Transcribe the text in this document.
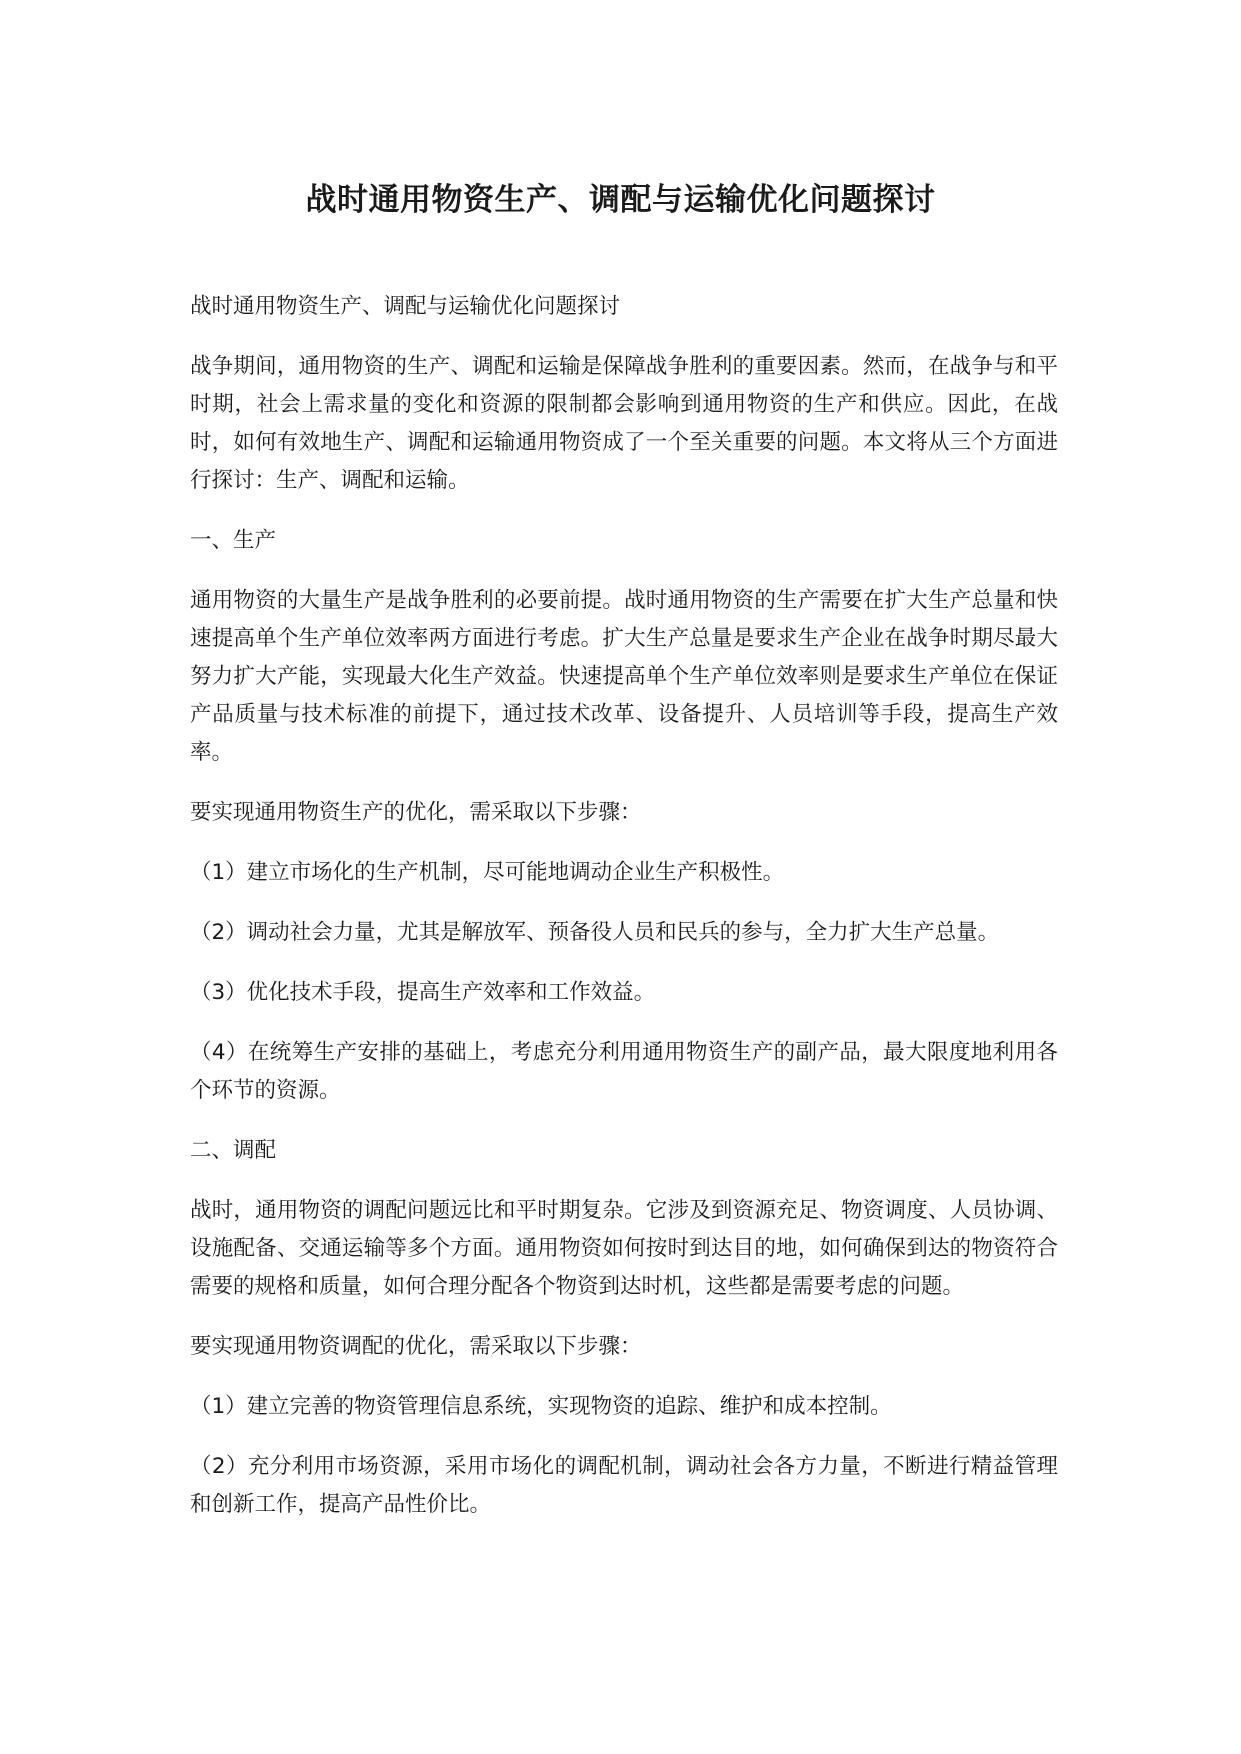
战时通用物资生产、调配与运输优化问题探讨

战时通用物资生产、调配与运输优化问题探讨

战争期间，通用物资的生产、调配和运输是保障战争胜利的重要因素。然而，在战争与和平时期，社会上需求量的变化和资源的限制都会影响到通用物资的生产和供应。因此，在战时，如何有效地生产、调配和运输通用物资成了一个至关重要的问题。本文将从三个方面进行探讨：生产、调配和运输。

一、生产

通用物资的大量生产是战争胜利的必要前提。战时通用物资的生产需要在扩大生产总量和快速提高单个生产单位效率两方面进行考虑。扩大生产总量是要求生产企业在战争时期尽最大努力扩大产能，实现最大化生产效益。快速提高单个生产单位效率则是要求生产单位在保证产品质量与技术标准的前提下，通过技术改革、设备提升、人员培训等手段，提高生产效率。

要实现通用物资生产的优化，需采取以下步骤：

（1）建立市场化的生产机制，尽可能地调动企业生产积极性。

（2）调动社会力量，尤其是解放军、预备役人员和民兵的参与，全力扩大生产总量。

（3）优化技术手段，提高生产效率和工作效益。

（4）在统筹生产安排的基础上，考虑充分利用通用物资生产的副产品，最大限度地利用各个环节的资源。

二、调配

战时，通用物资的调配问题远比和平时期复杂。它涉及到资源充足、物资调度、人员协调、设施配备、交通运输等多个方面。通用物资如何按时到达目的地，如何确保到达的物资符合需要的规格和质量，如何合理分配各个物资到达时机，这些都是需要考虑的问题。

要实现通用物资调配的优化，需采取以下步骤：

（1）建立完善的物资管理信息系统，实现物资的追踪、维护和成本控制。

（2）充分利用市场资源，采用市场化的调配机制，调动社会各方力量，不断进行精益管理和创新工作，提高产品性价比。
